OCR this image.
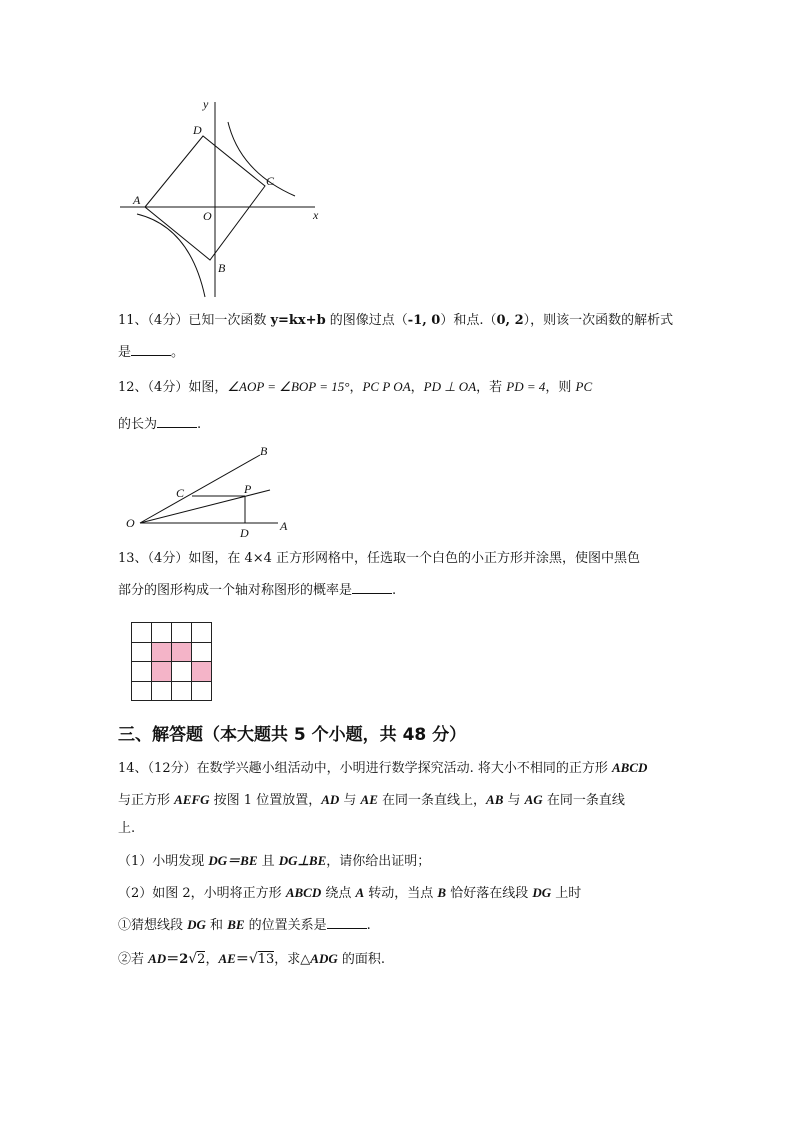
y
x
D
C
A
O
B
11、（4分）已知一次函数 y=kx+b 的图像过点（-1, 0）和点.（0, 2），则该一次函数的解析式
是	。
12、（4分）如图，∠AOP = ∠BOP = 15°，PC P OA，PD ⊥ OA，若 PD = 4，则 PC
的长为	.
B
C	P
O
D	A
13、（4分）如图，在 4×4 正方形网格中，任选取一个白色的小正方形并涂黑，使图中黑色
部分的图形构成一个轴对称图形的概率是	.
三、解答题（本大题共 5 个小题，共 48 分）
14、（12分）在数学兴趣小组活动中，小明进行数学探究活动. 将大小不相同的正方形 ABCD
与正方形 AEFG 按图 1 位置放置，AD 与 AE 在同一条直线上，AB 与 AG 在同一条直线
上.
（1）小明发现 DG＝BE 且 DG⊥BE，请你给出证明；
（2）如图 2，小明将正方形 ABCD 绕点 A 转动，当点 B 恰好落在线段 DG 上时
①猜想线段 DG 和 BE 的位置关系是	.
②若 AD＝2√2，AE＝√13，求△ADG 的面积.
